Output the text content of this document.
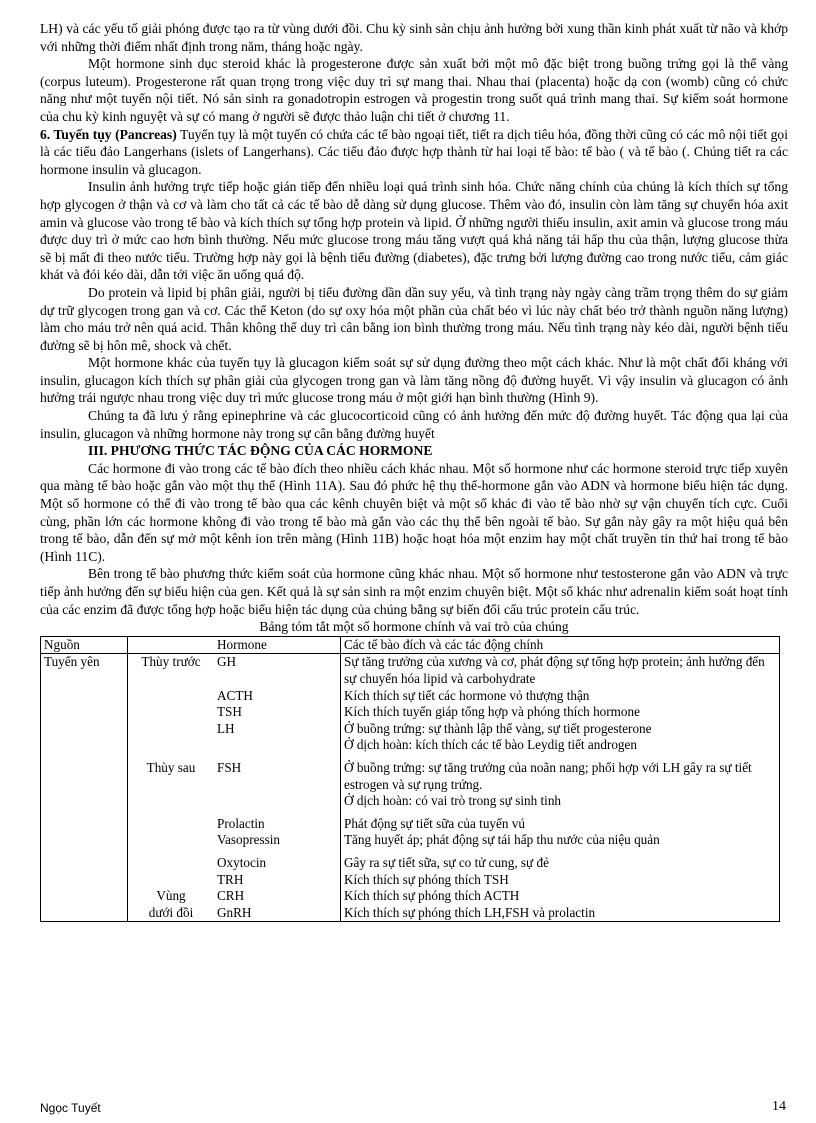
LH) và các yếu tố giải phóng được tạo ra từ vùng dưới đồi. Chu kỳ sinh sản chịu ảnh hưởng bởi xung thần kinh phát xuất từ não và khớp với những thời điểm nhất định trong năm, tháng hoặc ngày.

Một hormone sinh dục steroid khác là progesterone được sản xuất bởi một mô đặc biệt trong buồng trứng gọi là thể vàng (corpus luteum). Progesterone rất quan trọng trong việc duy trì sự mang thai. Nhau thai (placenta) hoặc dạ con (womb) cũng có chức năng như một tuyến nội tiết. Nó sản sinh ra gonadotropin estrogen và progestin trong suốt quá trình mang thai. Sự kiểm soát hormone của chu kỳ kinh nguyệt và sự có mang ở người sẽ được thảo luận chi tiết ở chương 11.

6. Tuyến tụy (Pancreas) Tuyến tụy là một tuyến có chứa các tế bào ngoại tiết, tiết ra dịch tiêu hóa, đồng thời cũng có các mô nội tiết gọi là các tiểu đảo Langerhans (islets of Langerhans). Các tiểu đảo được hợp thành từ hai loại tế bào: tế bào ( và tế bào (. Chúng tiết ra các hormone insulin và glucagon.

Insulin ảnh hưởng trực tiếp hoặc gián tiếp đến nhiều loại quá trình sinh hóa. Chức năng chính của chúng là kích thích sự tổng hợp glycogen ở thận và cơ và làm cho tất cả các tế bào dễ dàng sử dụng glucose. Thêm vào đó, insulin còn làm tăng sự chuyển hóa axit amin và glucose vào trong tế bào và kích thích sự tổng hợp protein và lipid. Ở những người thiếu insulin, axit amin và glucose trong máu được duy trì ở mức cao hơn bình thường. Nếu mức glucose trong máu tăng vượt quá khả năng tái hấp thu của thận, lượng glucose thừa sẽ bị mất đi theo nước tiểu. Trường hợp này gọi là bệnh tiểu đường (diabetes), đặc trưng bởi lượng đường cao trong nước tiểu, cảm giác khát và đói kéo dài, dẫn tới việc ăn uống quá độ.

Do protein và lipid bị phân giải, người bị tiểu đường dần dần suy yếu, và tình trạng này ngày càng trầm trọng thêm do sự giảm dự trữ glycogen trong gan và cơ. Các thể Keton (do sự oxy hóa một phần của chất béo vì lúc này chất béo trở thành nguồn năng lượng) làm cho máu trở nên quá acid. Thân không thể duy trì cân bằng ion bình thường trong máu. Nếu tình trạng này kéo dài, người bệnh tiểu đường sẽ bị hôn mê, shock và chết.

Một hormone khác của tuyến tụy là glucagon kiểm soát sự sử dụng đường theo một cách khác. Như là một chất đối kháng với insulin, glucagon kích thích sự phân giải của glycogen trong gan và làm tăng nồng độ đường huyết. Vì vậy insulin và glucagon có ảnh hưởng trái ngược nhau trong việc duy trì mức glucose trong máu ở một giới hạn bình thường (Hình 9).

Chúng ta đã lưu ý rằng epinephrine và các glucocorticoid cũng có ảnh hưởng đến mức độ đường huyết. Tác động qua lại của insulin, glucagon và những hormone này trong sự cân bằng đường huyết

III. PHƯƠNG THỨC TÁC ĐỘNG CỦA CÁC HORMONE

Các hormone đi vào trong các tế bào đích theo nhiều cách khác nhau. Một số hormone như các hormone steroid trực tiếp xuyên qua màng tế bào hoặc gắn vào một thụ thể (Hình 11A). Sau đó phức hệ thụ thể-hormone gắn vào ADN và hormone biểu hiện tác dụng. Một số hormone có thể đi vào trong tế bào qua các kênh chuyên biệt và một số khác đi vào tế bào nhờ sự vận chuyển tích cực. Cuối cùng, phần lớn các hormone không đi vào trong tế bào mà gắn vào các thụ thể bên ngoài tế bào. Sự gắn này gây ra một hiệu quả bên trong tế bào, dẫn đến sự mở một kênh ion trên màng (Hình 11B) hoặc hoạt hóa một enzim hay một chất truyền tin thứ hai trong tế bào (Hình 11C).

Bên trong tế bào phương thức kiểm soát của hormone cũng khác nhau. Một số hormone như testosterone gắn vào ADN và trực tiếp ảnh hưởng đến sự biểu hiện của gen. Kết quả là sự sản sinh ra một enzim chuyên biệt. Một số khác như adrenalin kiểm soát hoạt tính của các enzim đã được tổng hợp hoặc biểu hiện tác dụng của chúng bằng sự biến đổi cấu trúc protein cấu trúc.

Bảng tóm tắt một số hormone chính và vai trò của chúng
Nguồn		Hormone	Các tế bào đích và các tác động chính
Tuyến yên	Thùy trước	GH	Sự tăng trưởng của xương và cơ, phát động sự tổng hợp protein; ảnh hưởng đến sự chuyển hóa lipid và carbohydrate
		ACTH	Kích thích sự tiết các hormone vỏ thượng thận
		TSH	Kích thích tuyến giáp tổng hợp và phóng thích hormone
		LH	Ở buồng trứng: sự thành lập thể vàng, sự tiết progesterone
			Ở dịch hoàn: kích thích các tế bào Leydig tiết androgen
	Thùy sau	FSH	Ở buồng trứng: sự tăng trưởng của noãn nang; phối hợp với LH gây ra sự tiết estrogen và sự rụng trứng.
			Ở dịch hoàn: có vai trò trong sự sinh tinh
		Prolactin	Phát động sự tiết sữa của tuyến vú
		Vasopressin	Tăng huyết áp; phát động sự tái hấp thu nước của niệu quản
		Oxytocin	Gây ra sự tiết sữa, sự co tử cung, sự đẻ
		TRH	Kích thích sự phóng thích TSH
	Vùng	CRH	Kích thích sự phóng thích ACTH
	dưới đồi	GnRH	Kích thích sự phóng thích LH,FSH và prolactin
Ngọc Tuyết	14
